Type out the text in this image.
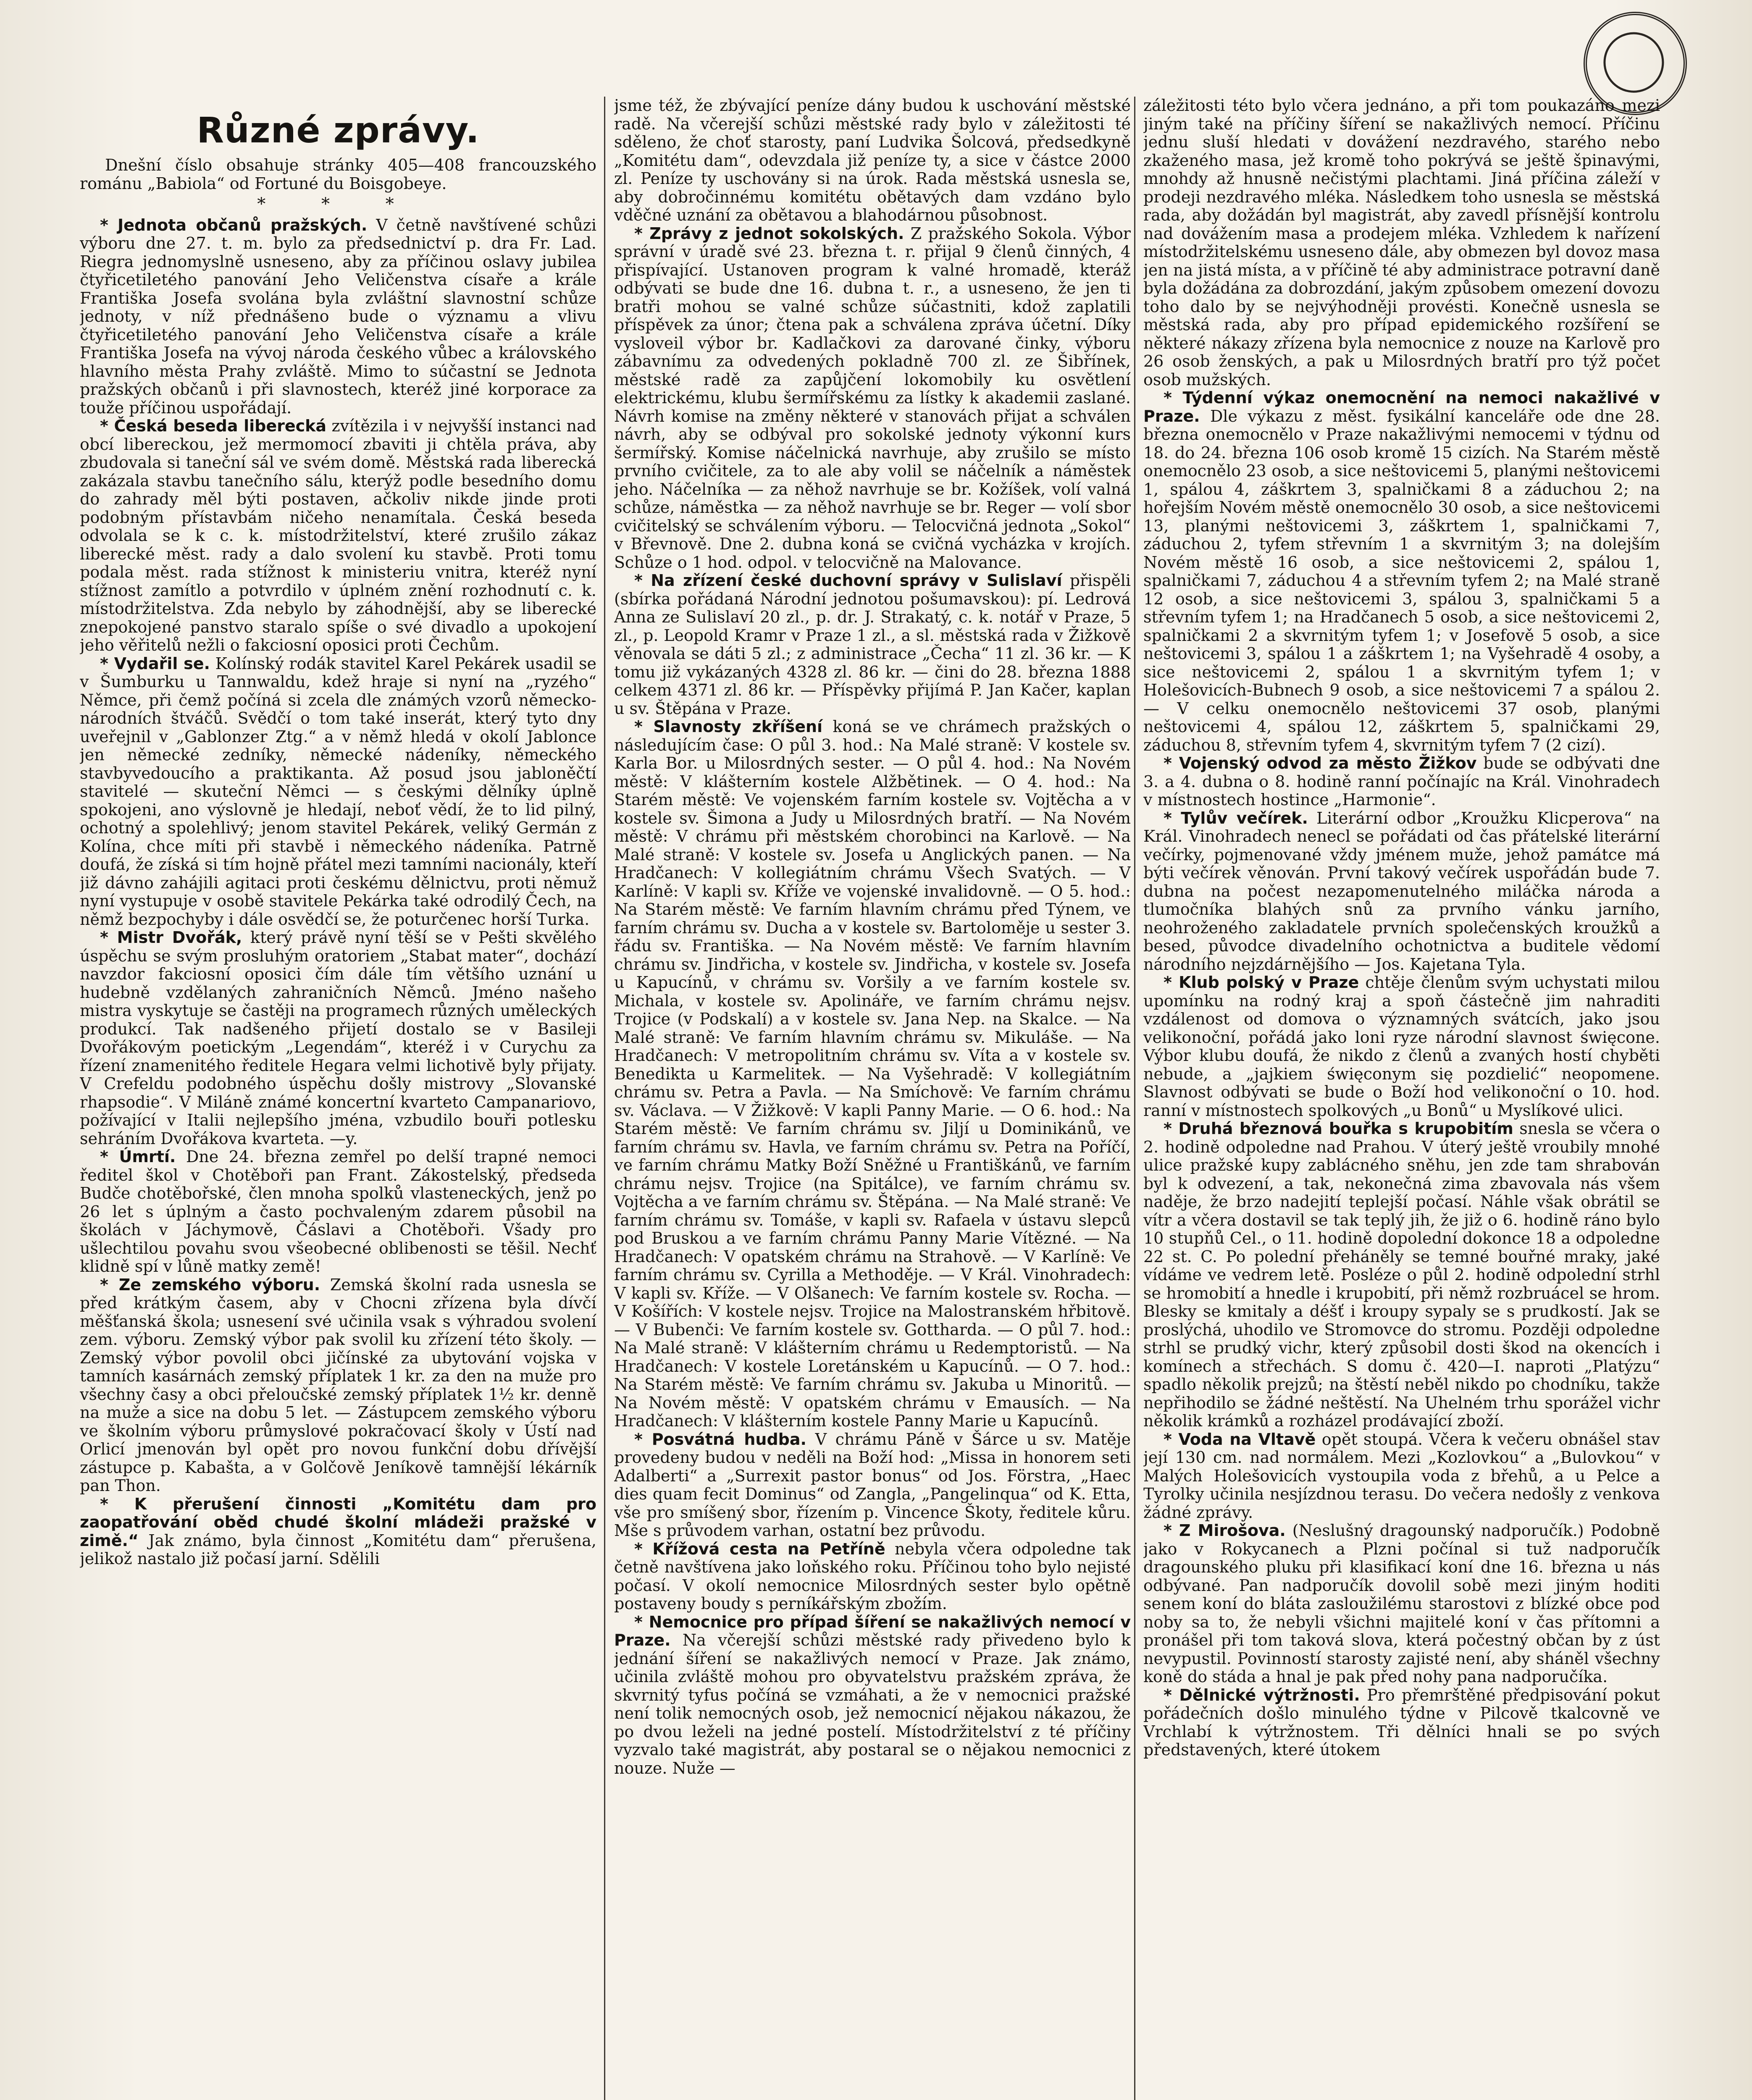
Různé zprávy.

Dnešní číslo obsahuje stránky 405—408 francouzského románu „Babiola“ od Fortuné du Boisgobeye.

* * *

* Jednota občanů pražských. V četně navštívené schůzi výboru dne 27. t. m. bylo za předsednictví p. dra Fr. Lad. Riegra jednomyslně usneseno, aby za příčinou oslavy jubilea čtyřicetiletého panování Jeho Veličenstva císaře a krále Františka Josefa svolána byla zvláštní slavnostní schůze jednoty, v níž přednášeno bude o významu a vlivu čtyřicetiletého panování Jeho Veličenstva císaře a krále Františka Josefa na vývoj národa českého vůbec a královského hlavního města Prahy zvláště. Mimo to súčastní se Jednota pražských občanů i při slavnostech, kteréž jiné korporace za touže příčinou uspořádají.

* Česká beseda liberecká zvítězila i v nejvyšší instanci nad obcí libereckou, jež mermomocí zbaviti ji chtěla práva, aby zbudovala si taneční sál ve svém domě. Městská rada liberecká zakázala stavbu tanečního sálu, kterýž podle besedního domu do zahrady měl býti postaven, ačkoliv nikde jinde proti podobným přístavbám ničeho nenamítala. Česká beseda odvolala se k c. k. místodržitelství, které zrušilo zákaz liberecké měst. rady a dalo svolení ku stavbě. Proti tomu podala měst. rada stížnost k ministeriu vnitra, kteréž nyní stížnost zamítlo a potvrdilo v úplném znění rozhodnutí c. k. místodržitelstva. Zda nebylo by záhodnější, aby se liberecké znepokojené panstvo staralo spíše o své divadlo a upokojení jeho věřitelů nežli o fakciosní oposici proti Čechům.

* Vydařil se. Kolínský rodák stavitel Karel Pekárek usadil se v Šumburku u Tannwaldu, kdež hraje si nyní na „ryzého“ Němce, při čemž počíná si zcela dle známých vzorů německo-národních štváčů. Svědčí o tom také inserát, který tyto dny uveřejnil v „Gablonzer Ztg.“ a v němž hledá v okolí Jablonce jen německé zedníky, německé nádeníky, německého stavbyvedoucího a praktikanta. Až posud jsou jabloněčtí stavitelé — skuteční Němci — s českými dělníky úplně spokojeni, ano výslovně je hledají, neboť vědí, že to lid pilný, ochotný a spolehlivý; jenom stavitel Pekárek, veliký Germán z Kolína, chce míti při stavbě i německého nádeníka. Patrně doufá, že získá si tím hojně přátel mezi tamními nacionály, kteří již dávno zahájili agitaci proti českému dělnictvu, proti němuž nyní vystupuje v osobě stavitele Pekárka také odrodilý Čech, na němž bezpochyby i dále osvědčí se, že poturčenec horší Turka.

* Mistr Dvořák, který právě nyní těší se v Pešti skvělého úspěchu se svým prosluhým oratoriem „Stabat mater“, dochází navzdor fakciosní oposici čím dále tím většího uznání u hudebně vzdělaných zahraničních Němců. Jméno našeho mistra vyskytuje se častěji na programech různých uměleckých produkcí. Tak nadšeného přijetí dostalo se v Basileji Dvořákovým poetickým „Legendám“, kteréž i v Curychu za řízení znamenitého ředitele Hegara velmi lichotivě byly přijaty. V Crefeldu podobného úspěchu došly mistrovy „Slovanské rhapsodie“. V Miláně známé koncertní kvarteto Campanariovo, požívající v Italii nejlepšího jména, vzbudilo bouři potlesku sehráním Dvořákova kvarteta. —y.

* Úmrtí. Dne 24. března zemřel po delší trapné nemoci ředitel škol v Chotěboři pan Frant. Zákostelský, předseda Budče chotěbořské, člen mnoha spolků vlasteneckých, jenž po 26 let s úplným a často pochvaleným zdarem působil na školách v Jáchymově, Čáslavi a Chotěboři. Všady pro ušlechtilou povahu svou všeobecné oblibenosti se těšil. Nechť klidně spí v lůně matky země!

* Ze zemského výboru. Zemská školní rada usnesla se před krátkým časem, aby v Chocni zřízena byla dívčí měšťanská škola; usnesení své učinila vsak s výhradou svolení zem. výboru. Zemský výbor pak svolil ku zřízení této školy. — Zemský výbor povolil obci jičínské za ubytování vojska v tamních kasárnách zemský příplatek 1 kr. za den na muže pro všechny časy a obci přeloučské zemský příplatek 1½ kr. denně na muže a sice na dobu 5 let. — Zástupcem zemského výboru ve školním výboru průmyslové pokračovací školy v Ústí nad Orlicí jmenován byl opět pro novou funkční dobu dřívější zástupce p. Kabašta, a v Golčově Jeníkově tamnější lékárník pan Thon.

* K přerušení činnosti „Komitétu dam pro zaopatřování oběd chudé školní mládeži pražské v zimě.“ Jak známo, byla činnost „Komitétu dam“ přerušena, jelikož nastalo již počasí jarní. Sdělili

jsme též, že zbývající peníze dány budou k uschování městské radě. Na včerejší schůzi městské rady bylo v záležitosti té sděleno, že choť starosty, paní Ludvika Šolcová, předsedkyně „Komitétu dam“, odevzdala již peníze ty, a sice v částce 2000 zl. Peníze ty uschovány si na úrok. Rada městská usnesla se, aby dobročinnému komitétu obětavých dam vzdáno bylo vděčné uznání za obětavou a blahodárnou působnost.

* Zprávy z jednot sokolských. Z pražského Sokola. Výbor správní v úradě své 23. března t. r. přijal 9 členů činných, 4 přispívající. Ustanoven program k valné hromadě, kteráž odbývati se bude dne 16. dubna t. r., a usneseno, že jen ti bratři mohou se valné schůze súčastniti, kdož zaplatili příspěvek za únor; čtena pak a schválena zpráva účetní. Díky vysloveil výbor br. Kadlačkovi za darované činky, výboru zábavnímu za odvedených pokladně 700 zl. ze Šibřínek, městské radě za zapůjčení lokomobily ku osvětlení elektrickému, klubu šermířskému za lístky k akademii zaslané. Návrh komise na změny některé v stanovách přijat a schválen návrh, aby se odbýval pro sokolské jednoty výkonní kurs šermířský. Komise náčelnická navrhuje, aby zrušilo se místo prvního cvičitele, za to ale aby volil se náčelník a náměstek jeho. Náčelníka — za něhož navrhuje se br. Kožíšek, volí valná schůze, náměstka — za něhož navrhuje se br. Reger — volí sbor cvičitelský se schválením výboru. — Telocvičná jednota „Sokol“ v Břevnově. Dne 2. dubna koná se cvičná vycházka v krojích. Schůze o 1 hod. odpol. v telocvičně na Malovance.

* Na zřízení české duchovní správy v Sulislaví přispěli (sbírka pořádaná Národní jednotou pošumavskou): pí. Ledrová Anna ze Sulislaví 20 zl., p. dr. J. Strakatý, c. k. notář v Praze, 5 zl., p. Leopold Kramr v Praze 1 zl., a sl. městská rada v Žižkově věnovala se dáti 5 zl.; z administrace „Čecha“ 11 zl. 36 kr. — K tomu již vykázaných 4328 zl. 86 kr. — čini do 28. března 1888 celkem 4371 zl. 86 kr. — Příspěvky přijímá P. Jan Kačer, kaplan u sv. Štěpána v Praze.

* Slavnosty zkříšení koná se ve chrámech pražských o následujícím čase: O půl 3. hod.: Na Malé straně: V kostele sv. Karla Bor. u Milosrdných sester. — O půl 4. hod.: Na Novém městě: V klášterním kostele Alžbětinek. — O 4. hod.: Na Starém městě: Ve vojenském farním kostele sv. Vojtěcha a v kostele sv. Šimona a Judy u Milosrdných bratří. — Na Novém městě: V chrámu při městském chorobinci na Karlově. — Na Malé straně: V kostele sv. Josefa u Anglických panen. — Na Hradčanech: V kollegiátním chrámu Všech Svatých. — V Karlíně: V kapli sv. Kříže ve vojenské invalidovně. — O 5. hod.: Na Starém městě: Ve farním hlavním chrámu před Týnem, ve farním chrámu sv. Ducha a v kostele sv. Bartoloměje u sester 3. řádu sv. Františka. — Na Novém městě: Ve farním hlavním chrámu sv. Jindřicha, v kostele sv. Jindřicha, v kostele sv. Josefa u Kapucínů, v chrámu sv. Voršily a ve farním kostele sv. Michala, v kostele sv. Apolináře, ve farním chrámu nejsv. Trojice (v Podskalí) a v kostele sv. Jana Nep. na Skalce. — Na Malé straně: Ve farním hlavním chrámu sv. Mikuláše. — Na Hradčanech: V metropolitním chrámu sv. Víta a v kostele sv. Benedikta u Karmelitek. — Na Vyšehradě: V kollegiátním chrámu sv. Petra a Pavla. — Na Smíchově: Ve farním chrámu sv. Václava. — V Žižkově: V kapli Panny Marie. — O 6. hod.: Na Starém městě: Ve farním chrámu sv. Jiljí u Dominikánů, ve farním chrámu sv. Havla, ve farním chrámu sv. Petra na Poříčí, ve farním chrámu Matky Boží Sněžné u Františkánů, ve farním chrámu nejsv. Trojice (na Spitálce), ve farním chrámu sv. Vojtěcha a ve farním chrámu sv. Štěpána. — Na Malé straně: Ve farním chrámu sv. Tomáše, v kapli sv. Rafaela v ústavu slepců pod Bruskou a ve farním chrámu Panny Marie Vítězné. — Na Hradčanech: V opatském chrámu na Strahově. — V Karlíně: Ve farním chrámu sv. Cyrilla a Methoděje. — V Král. Vinohradech: V kapli sv. Kříže. — V Olšanech: Ve farním kostele sv. Rocha. — V Košířích: V kostele nejsv. Trojice na Malostranském hřbitově. — V Bubenči: Ve farním kostele sv. Gottharda. — O půl 7. hod.: Na Malé straně: V klášterním chrámu u Redemptoristů. — Na Hradčanech: V kostele Loretánském u Kapucínů. — O 7. hod.: Na Starém městě: Ve farním chrámu sv. Jakuba u Minoritů. — Na Novém městě: V opatském chrámu v Emausích. — Na Hradčanech: V klášterním kostele Panny Marie u Kapucínů.

* Posvátná hudba. V chrámu Páně v Šárce u sv. Matěje provedeny budou v neděli na Boží hod: „Missa in honorem seti Adalberti“ a „Surrexit pastor bonus“ od Jos. Förstra, „Haec dies quam fecit Dominus“ od Zangla, „Pangelinqua“ od K. Etta, vše pro smíšený sbor, řízením p. Vincence Škoty, ředitele kůru. Mše s průvodem varhan, ostatní bez průvodu.

* Křížová cesta na Petříně nebyla včera odpoledne tak četně navštívena jako loňského roku. Příčinou toho bylo nejisté počasí. V okolí nemocnice Milosrdných sester bylo opětně postaveny boudy s perníkářským zbožím.

* Nemocnice pro případ šíření se nakažlivých nemocí v Praze. Na včerejší schůzi městské rady přivedeno bylo k jednání šíření se nakažlivých nemocí v Praze. Jak známo, učinila zvláště mohou pro obyvatelstvu pražském zpráva, že skvrnitý tyfus počíná se vzmáhati, a že v nemocnici pražské není tolik nemocných osob, jež nemocnicí nějakou nákazou, že po dvou leželi na jedné postelí. Místodržitelství z té příčiny vyzvalo také magistrát, aby postaral se o nějakou nemocnici z nouze. Nuže —

záležitosti této bylo včera jednáno, a při tom poukazáno mezi jiným také na příčiny šíření se nakažlivých nemocí. Příčinu jednu sluší hledati v dovážení nezdravého, starého nebo zkaženého masa, jež kromě toho pokrývá se ještě špinavými, mnohdy až hnusně nečistými plachtami. Jiná příčina záleží v prodeji nezdravého mléka. Následkem toho usnesla se městská rada, aby dožádán byl magistrát, aby zavedl přísnější kontrolu nad dovážením masa a prodejem mléka. Vzhledem k nařízení místodržitelskému usneseno dále, aby obmezen byl dovoz masa jen na jistá místa, a v příčině té aby administrace potravní daně byla dožádána za dobrozdání, jakým způsobem omezení dovozu toho dalo by se nejvýhodněji provésti. Konečně usnesla se městská rada, aby pro případ epidemického rozšíření se některé nákazy zřízena byla nemocnice z nouze na Karlově pro 26 osob ženských, a pak u Milosrdných bratří pro týž počet osob mužských.

* Týdenní výkaz onemocnění na nemoci nakažlivé v Praze. Dle výkazu z měst. fysikální kanceláře ode dne 28. března onemocnělo v Praze nakažlivými nemocemi v týdnu od 18. do 24. března 106 osob kromě 15 cizích. Na Starém městě onemocnělo 23 osob, a sice neštovicemi 5, planými neštovicemi 1, spálou 4, záškrtem 3, spalničkami 8 a záduchou 2; na hořejším Novém městě onemocnělo 30 osob, a sice neštovicemi 13, planými neštovicemi 3, záškrtem 1, spalničkami 7, záduchou 2, tyfem střevním 1 a skvrnitým 3; na dolejším Novém městě 16 osob, a sice neštovicemi 2, spálou 1, spalničkami 7, záduchou 4 a střevním tyfem 2; na Malé straně 12 osob, a sice neštovicemi 3, spálou 3, spalničkami 5 a střevním tyfem 1; na Hradčanech 5 osob, a sice neštovicemi 2, spalničkami 2 a skvrnitým tyfem 1; v Josefově 5 osob, a sice neštovicemi 3, spálou 1 a záškrtem 1; na Vyšehradě 4 osoby, a sice neštovicemi 2, spálou 1 a skvrnitým tyfem 1; v Holešovicích-Bubnech 9 osob, a sice neštovicemi 7 a spálou 2. — V celku onemocnělo neštovicemi 37 osob, planými neštovicemi 4, spálou 12, záškrtem 5, spalničkami 29, záduchou 8, střevním tyfem 4, skvrnitým tyfem 7 (2 cizí).

* Vojenský odvod za město Žižkov bude se odbývati dne 3. a 4. dubna o 8. hodině ranní počínajíc na Král. Vinohradech v místnostech hostince „Harmonie“.

* Tylův večírek. Literární odbor „Kroužku Klicperova“ na Král. Vinohradech nenecl se pořádati od čas přátelské literární večírky, pojmenované vždy jménem muže, jehož památce má býti večírek věnován. První takový večírek uspořádán bude 7. dubna na počest nezapomenutelného miláčka národa a tlumočníka blahých snů za prvního vánku jarního, neohroženého zakladatele prvních společenských kroužků a besed, původce divadelního ochotnictva a buditele vědomí národního nejzdárnějšího — Jos. Kajetana Tyla.

* Klub polský v Praze chtěje členům svým uchystati milou upomínku na rodný kraj a spoň částečně jim nahraditi vzdálenost od domova o významných svátcích, jako jsou velikonoční, pořádá jako loni ryze národní slavnost święcone. Výbor klubu doufá, že nikdo z členů a zvaných hostí chyběti nebude, a „jajkiem święconym się pozdielić“ neopomene. Slavnost odbývati se bude o Boží hod velikonoční o 10. hod. ranní v místnostech spolkových „u Bonů“ u Myslíkové ulici.

* Druhá březnová bouřka s krupobitím snesla se včera o 2. hodině odpoledne nad Prahou. V úterý ještě vroubily mnohé ulice pražské kupy zablácného sněhu, jen zde tam shrabován byl k odvezení, a tak, nekonečná zima zbavovala nás všem naděje, že brzo nadejití teplejší počasí. Náhle však obrátil se vítr a včera dostavil se tak teplý jih, že již o 6. hodině ráno bylo 10 stupňů Cel., o 11. hodině dopolední dokonce 18 a odpoledne 22 st. C. Po polední přeháněly se temné bouřné mraky, jaké vídáme ve vedrem letě. Posléze o půl 2. hodině odpolední strhl se hromobití a hnedle i krupobití, při němž rozbruácel se hrom. Blesky se kmitaly a déšť i kroupy sypaly se s prudkostí. Jak se proslýchá, uhodilo ve Stromovce do stromu. Později odpoledne strhl se prudký vichr, který způsobil dosti škod na okencích i komínech a střechách. S domu č. 420—I. naproti „Platýzu“ spadlo několik prejzů; na štěstí neběl nikdo po chodníku, takže nepřihodilo se žádné neštěstí. Na Uhelném trhu sporážel vichr několik krámků a rozházel prodávající zboží.

* Voda na Vltavě opět stoupá. Včera k večeru obnášel stav její 130 cm. nad normálem. Mezi „Kozlovkou“ a „Bulovkou“ v Malých Holešovicích vystoupila voda z břehů, a u Pelce a Tyrolky učinila nesjízdnou terasu. Do večera nedošly z venkova žádné zprávy.

* Z Mirošova. (Neslušný dragounský nadporučík.) Podobně jako v Rokycanech a Plzni počínal si tuž nadporučík dragounského pluku při klasifikací koní dne 16. března u nás odbývané. Pan nadporučík dovolil sobě mezi jiným hoditi senem koní do bláta zasloužilému starostovi z blízké obce pod noby sa to, že nebyli všichni majitelé koní v čas přítomni a pronášel při tom taková slova, která počestný občan by z úst nevypustil. Povinností starosty zajisté není, aby sháněl všechny koně do stáda a hnal je pak před nohy pana nadporučíka.

* Dělnické výtržnosti. Pro přemrštěné předpisování pokut pořádečních došlo minulého týdne v Pilcově tkalcovně ve Vrchlabí k výtržnostem. Tři dělníci hnali se po svých představených, které útokem
